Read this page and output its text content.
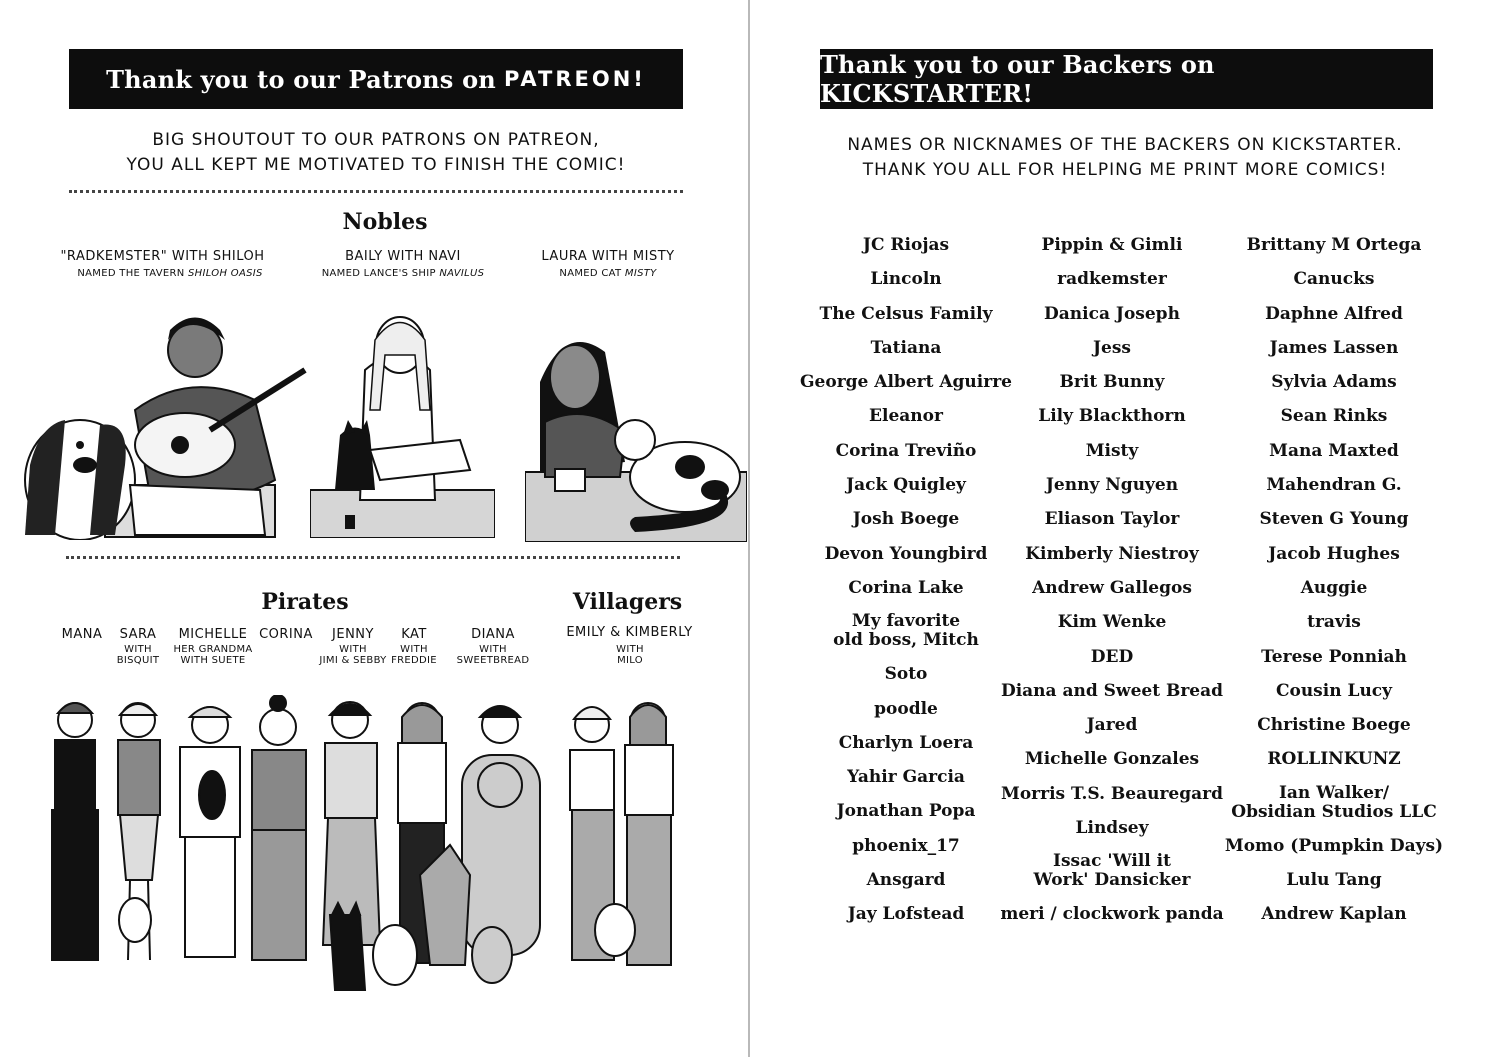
Thank you to our Patrons on PATREON!
BIG SHOUTOUT TO OUR PATRONS ON PATREON,
YOU ALL KEPT ME MOTIVATED TO FINISH THE COMIC!
Nobles
"RADKEMSTER" WITH SHILOH
NAMED THE TAVERN SHILOH OASIS
BAILY WITH NAVI
NAMED LANCE'S SHIP NAVILUS
LAURA WITH MISTY
NAMED CAT MISTY
Pirates	Villagers
MANA	SARA
WITH
BISQUIT
MICHELLE
HER GRANDMA
WITH SUETE
CORINA	JENNY
WITH
JIMI & SEBBY
KAT
WITH
FREDDIE
DIANA
WITH
SWEETBREAD
EMILY & KIMBERLY
WITH
MILO
Thank you to our Backers on KICKSTARTER!
NAMES OR NICKNAMES OF THE BACKERS ON KICKSTARTER.
THANK YOU ALL FOR HELPING ME PRINT MORE COMICS!
JC Riojas
Lincoln
The Celsus Family
Tatiana
George Albert Aguirre
Eleanor
Corina Treviño
Jack Quigley
Josh Boege
Devon Youngbird
Corina Lake
My favorite
old boss, Mitch
Soto
poodle
Charlyn Loera
Yahir Garcia
Jonathan Popa
phoenix_17
Ansgard
Jay Lofstead
Pippin & Gimli
radkemster
Danica Joseph
Jess
Brit Bunny
Lily Blackthorn
Misty
Jenny Nguyen
Eliason Taylor
Kimberly Niestroy
Andrew Gallegos
Kim Wenke
DED
Diana and Sweet Bread
Jared
Michelle Gonzales
Morris T.S. Beauregard
Lindsey
Issac 'Will it
Work' Dansicker
meri / clockwork panda
Brittany M Ortega
Canucks
Daphne Alfred
James Lassen
Sylvia Adams
Sean Rinks
Mana Maxted
Mahendran G.
Steven G Young
Jacob Hughes
Auggie
travis
Terese Ponniah
Cousin Lucy
Christine Boege
ROLLINKUNZ
Ian Walker/
Obsidian Studios LLC
Momo (Pumpkin Days)
Lulu Tang
Andrew Kaplan
